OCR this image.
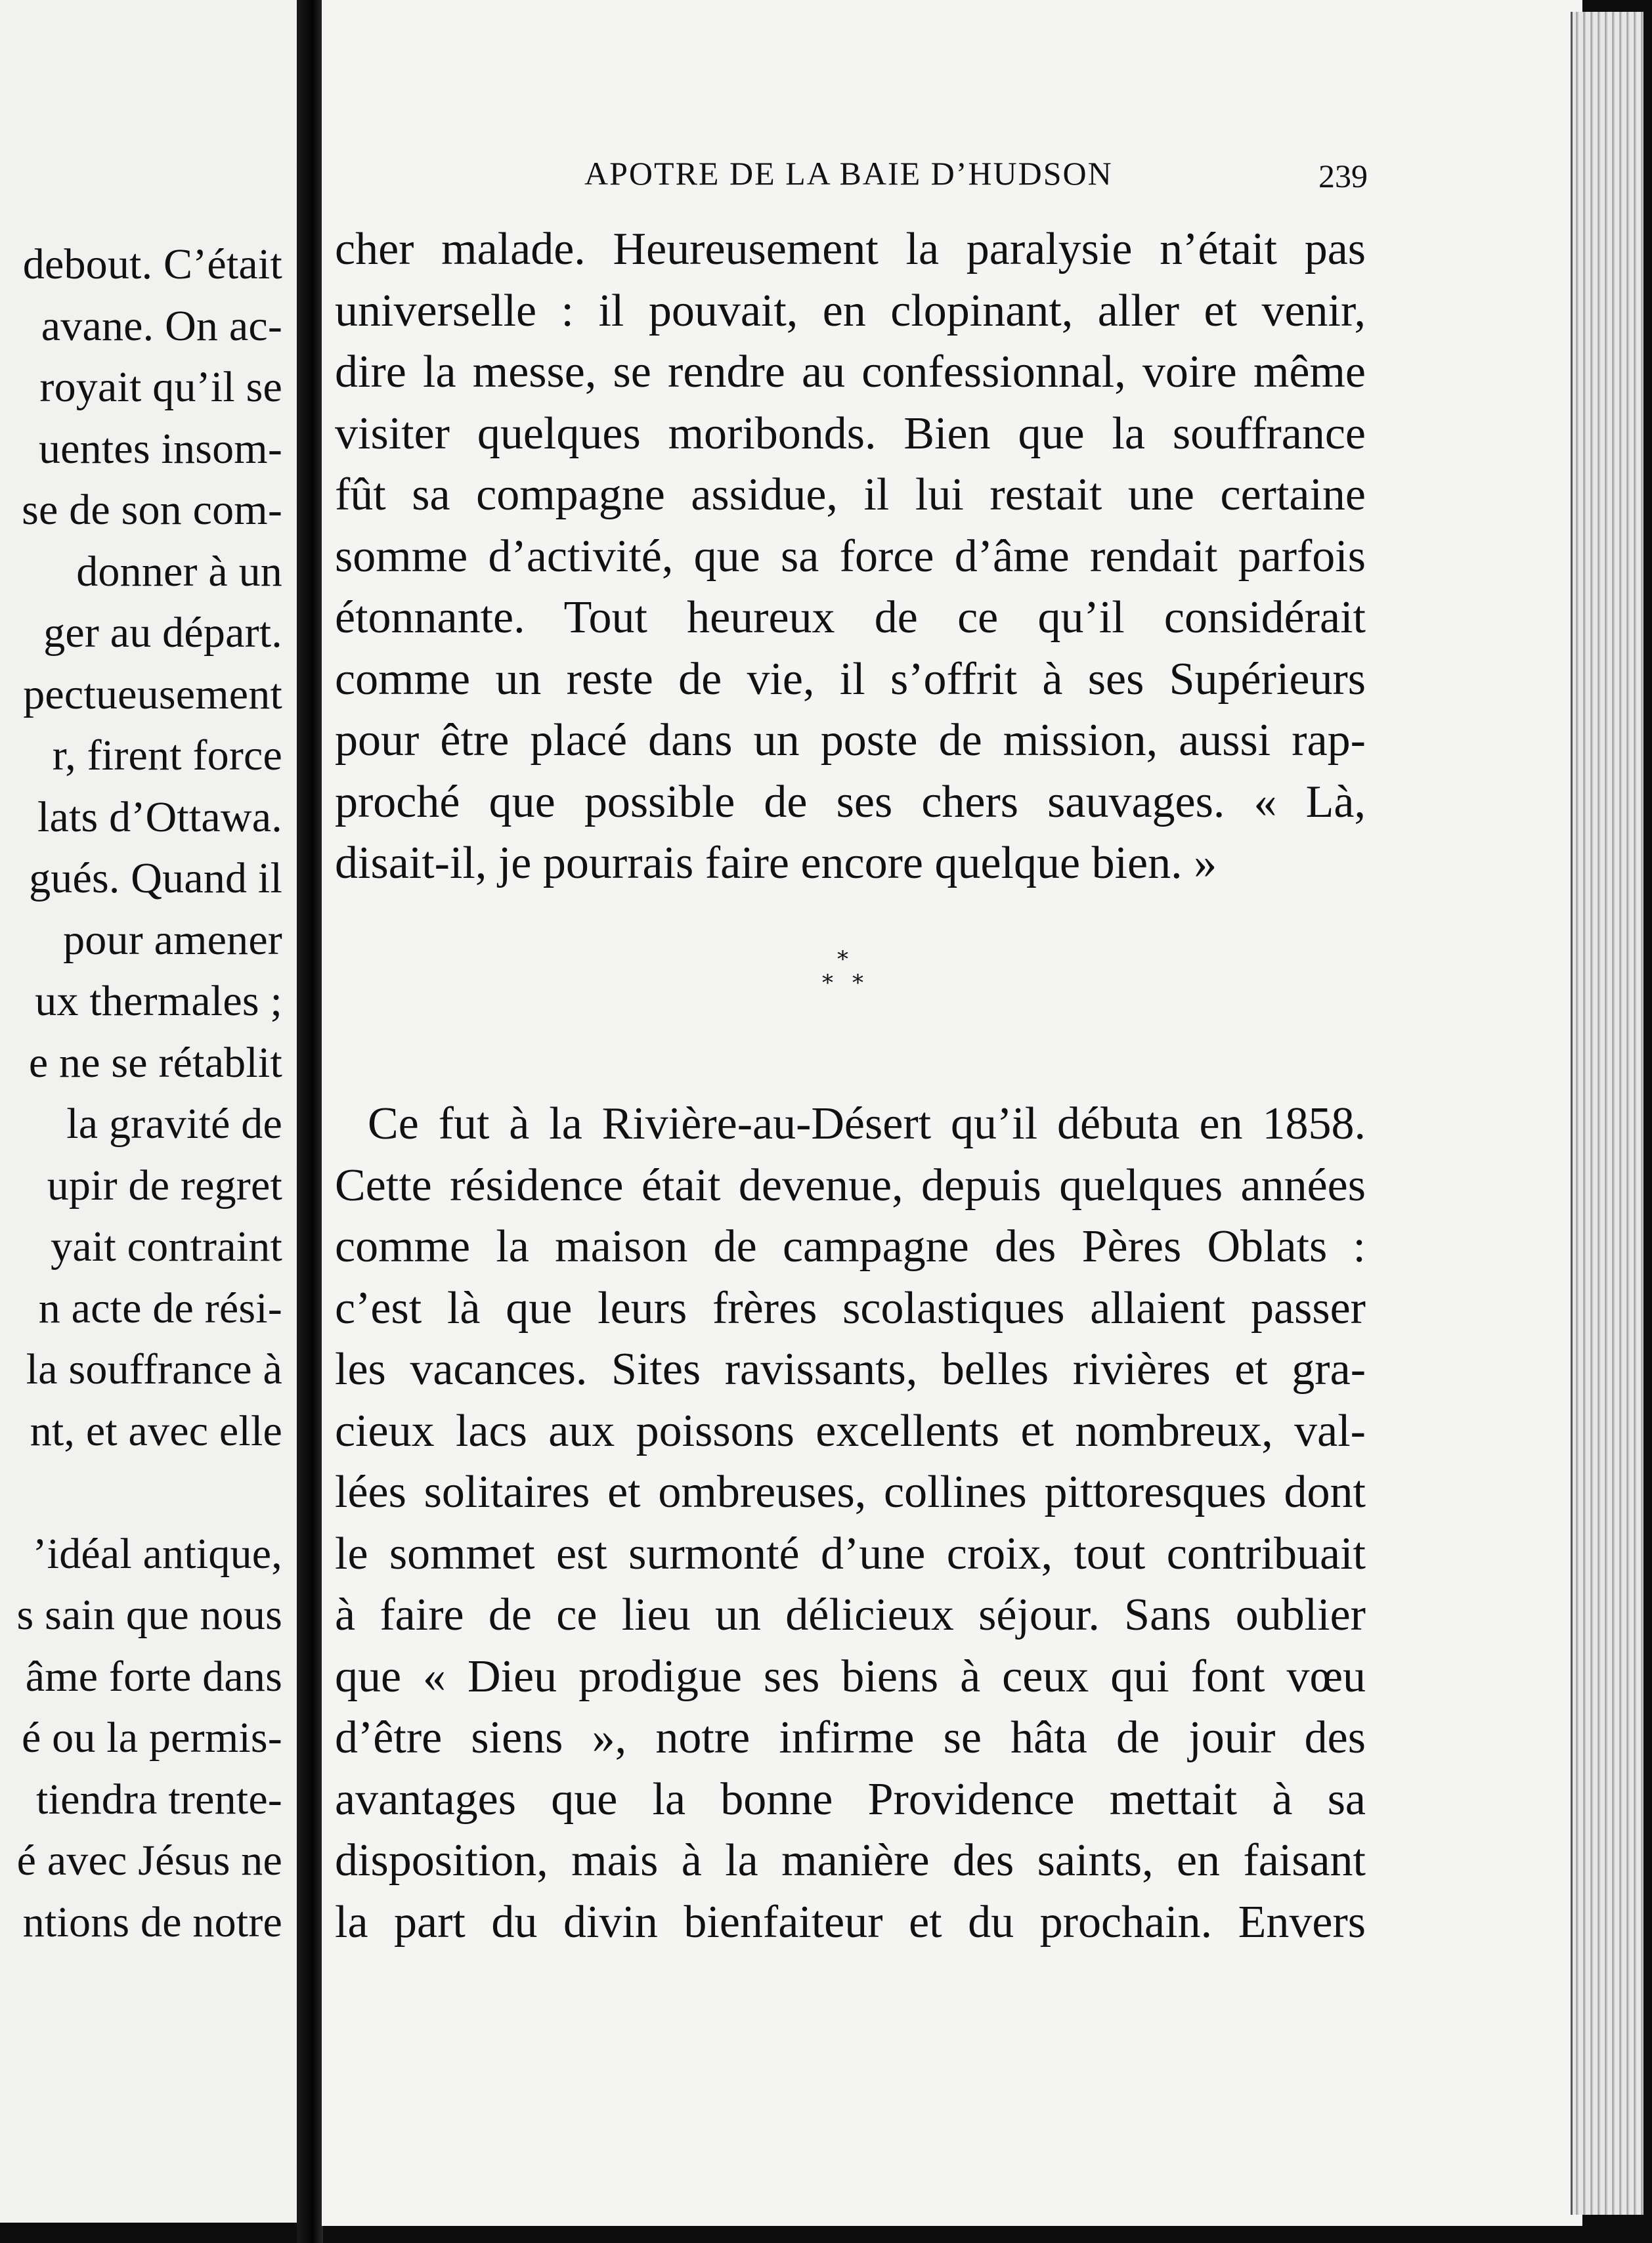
debout. C’était
avane. On ac-
royait qu’il se
uentes insom-
se de son com-
donner à un
ger au départ.
pectueusement
r, firent force
lats d’Ottawa.
gués. Quand il
pour amener
ux thermales ;
e ne se rétablit
la gravité de
upir de regret
yait contraint
n acte de rési-
la souffrance à
nt, et avec elle
’idéal antique,
s sain que nous
âme forte dans
é ou la permis-
tiendra trente-
é avec Jésus ne
ntions de notre
APOTRE DE LA BAIE D’HUDSON	239
cher malade. Heureusement la paralysie n’était pas
universelle : il pouvait, en clopinant, aller et venir,
dire la messe, se rendre au confessionnal, voire même
visiter quelques moribonds. Bien que la souffrance
fût sa compagne assidue, il lui restait une certaine
somme d’activité, que sa force d’âme rendait parfois
étonnante. Tout heureux de ce qu’il considérait
comme un reste de vie, il s’offrit à ses Supérieurs
pour être placé dans un poste de mission, aussi rap-
proché que possible de ses chers sauvages. « Là,
disait-il, je pourrais faire encore quelque bien. »
*
* *
Ce fut à la Rivière-au-Désert qu’il débuta en 1858.
Cette résidence était devenue, depuis quelques années
comme la maison de campagne des Pères Oblats :
c’est là que leurs frères scolastiques allaient passer
les vacances. Sites ravissants, belles rivières et gra-
cieux lacs aux poissons excellents et nombreux, val-
lées solitaires et ombreuses, collines pittoresques dont
le sommet est surmonté d’une croix, tout contribuait
à faire de ce lieu un délicieux séjour. Sans oublier
que « Dieu prodigue ses biens à ceux qui font vœu
d’être siens », notre infirme se hâta de jouir des
avantages que la bonne Providence mettait à sa
disposition, mais à la manière des saints, en faisant
la part du divin bienfaiteur et du prochain. Envers
